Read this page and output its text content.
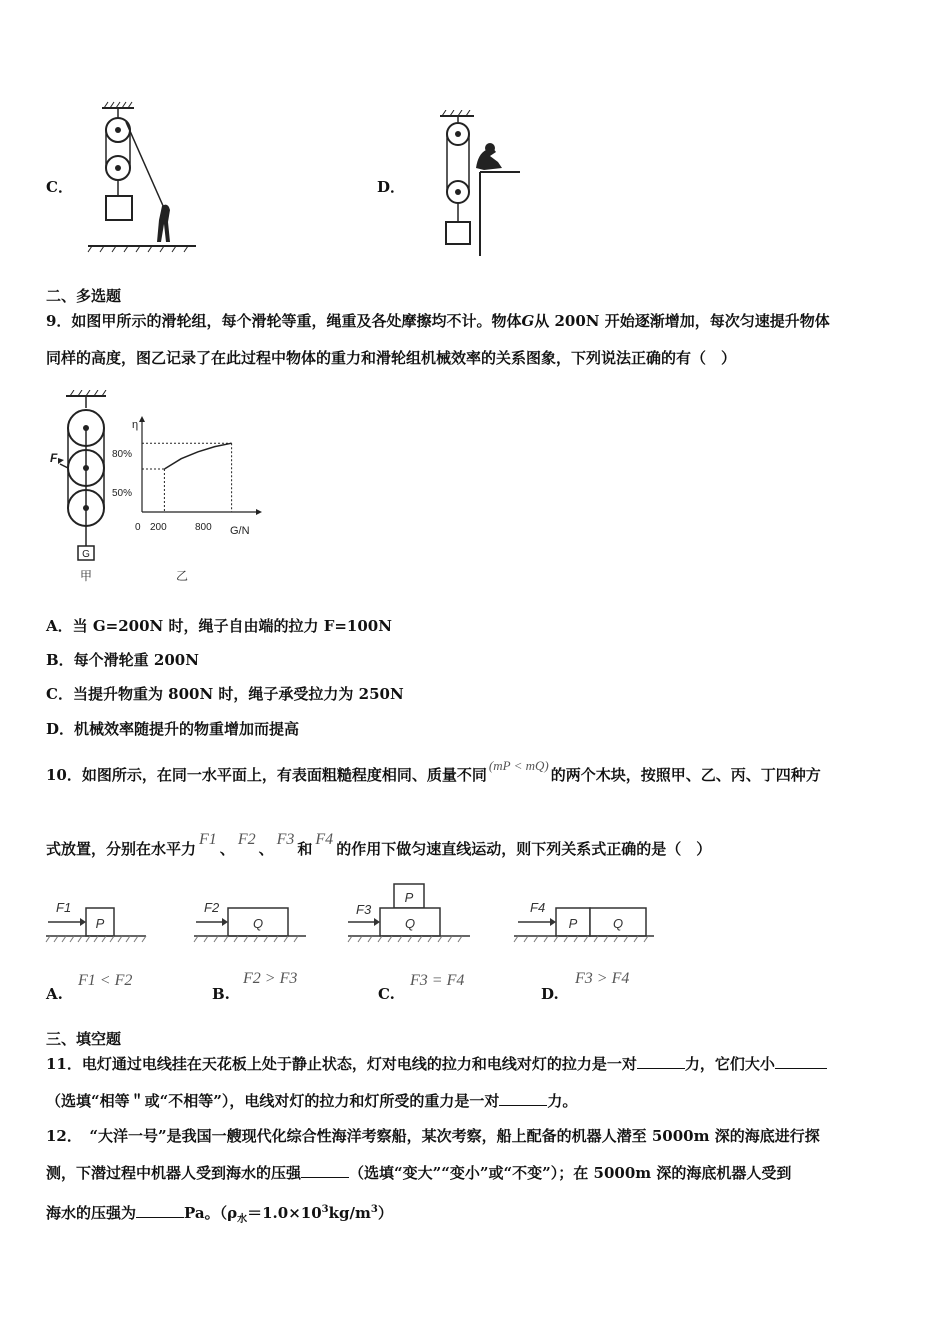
C．	D．
二、多选题
9．如图甲所示的滑轮组，每个滑轮等重，绳重及各处摩擦均不计。物体G从 200N 开始逐渐增加，每次匀速提升物体
同样的高度，图乙记录了在此过程中物体的重力和滑轮组机械效率的关系图象，下列说法正确的有（　）
G
F
甲
η
G/N
80%
50%
0 200	800
乙
A．当 G=200N 时，绳子自由端的拉力 F=100N
B．每个滑轮重 200N
C．当提升物重为 800N 时，绳子承受拉力为 250N
D．机械效率随提升的物重增加而提高
10．如图所示，在同一水平面上，有表面粗糙程度相同、质量不同(mP < mQ)的两个木块，按照甲、乙、丙、丁四种方
式放置，分别在水平力F1、F2、F3和F4的作用下做匀速直线运动，则下列关系式正确的是（　）
F1
P
F2
Q
F3
P
Q
F4
P	Q
A.
F1 < F2
B.
F2 > F3
C.
F3 = F4
D.
F3 > F4
三、填空题
11．电灯通过电线挂在天花板上处于静止状态，灯对电线的拉力和电线对灯的拉力是一对	力，它们大小
（选填“相等＂或“不相等”），电线对灯的拉力和灯所受的重力是一对	力。
12．　“大洋一号”是我国一艘现代化综合性海洋考察船，某次考察，船上配备的机器人潜至 5000m 深的海底进行探
测，下潜过程中机器人受到海水的压强	（选填“变大”“变小”或“不变”）；在 5000m 深的海底机器人受到
海水的压强为	Pa。$(\rho_水=1.0\times 10^3kg/m^3)$
